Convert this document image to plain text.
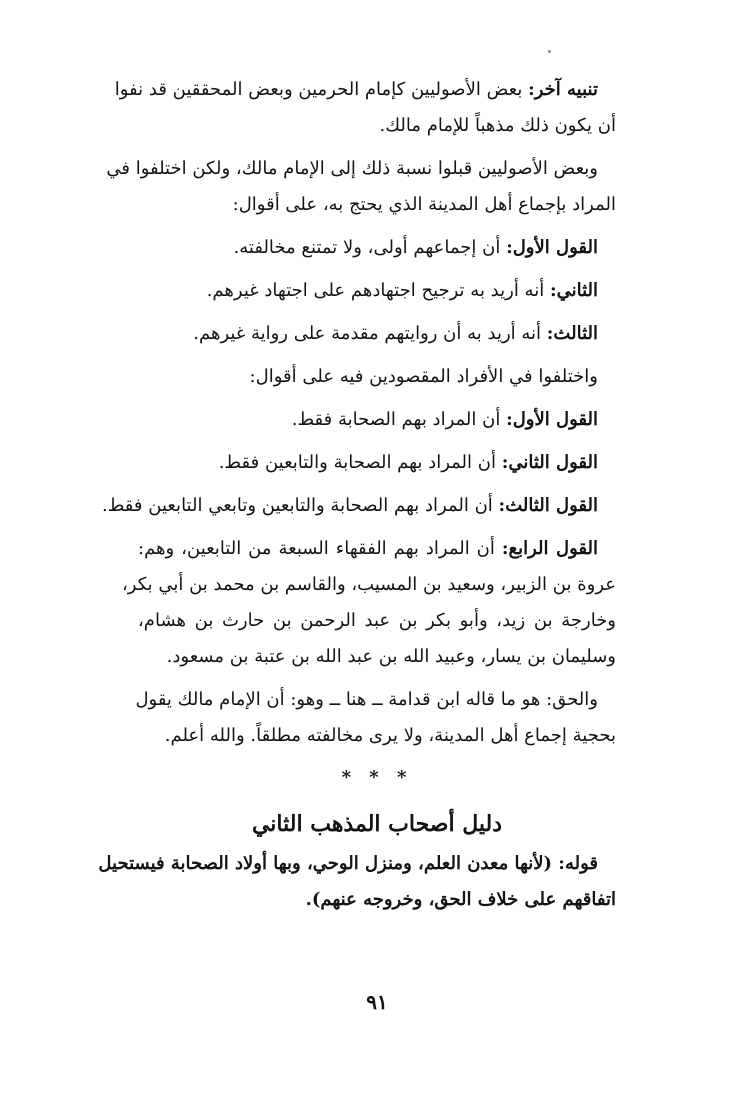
تنبيه آخر: بعض الأصوليين كإمام الحرمين وبعض المحققين قد نفوا
أن يكون ذلك مذهباً للإمام مالك.
وبعض الأصوليين قبلوا نسبة ذلك إلى الإمام مالك، ولكن اختلفوا في
المراد بإجماع أهل المدينة الذي يحتج به، على أقوال:
القول الأول: أن إجماعهم أولى، ولا تمتنع مخالفته.
الثاني: أنه أريد به ترجيح اجتهادهم على اجتهاد غيرهم.
الثالث: أنه أريد به أن روايتهم مقدمة على رواية غيرهم.
واختلفوا في الأفراد المقصودين فيه على أقوال:
القول الأول: أن المراد بهم الصحابة فقط.
القول الثاني: أن المراد بهم الصحابة والتابعين فقط.
القول الثالث: أن المراد بهم الصحابة والتابعين وتابعي التابعين فقط.
القول الرابع: أن المراد بهم الفقهاء السبعة من التابعين، وهم:
عروة بن الزبير، وسعيد بن المسيب، والقاسم بن محمد بن أبي بكر،
وخارجة بن زيد، وأبو بكر بن عبد الرحمن بن حارث بن هشام،
وسليمان بن يسار، وعبيد الله بن عبد الله بن عتبة بن مسعود.
والحق: هو ما قاله ابن قدامة ــ هنا ــ وهو: أن الإمام مالك يقول
بحجية إجماع أهل المدينة، ولا يرى مخالفته مطلقاً. والله أعلم.
* * *
دليل أصحاب المذهب الثاني
قوله: (لأنها معدن العلم، ومنزل الوحي، وبها أولاد الصحابة فيستحيل
اتفاقهم على خلاف الحق، وخروجه عنهم).
٩١
